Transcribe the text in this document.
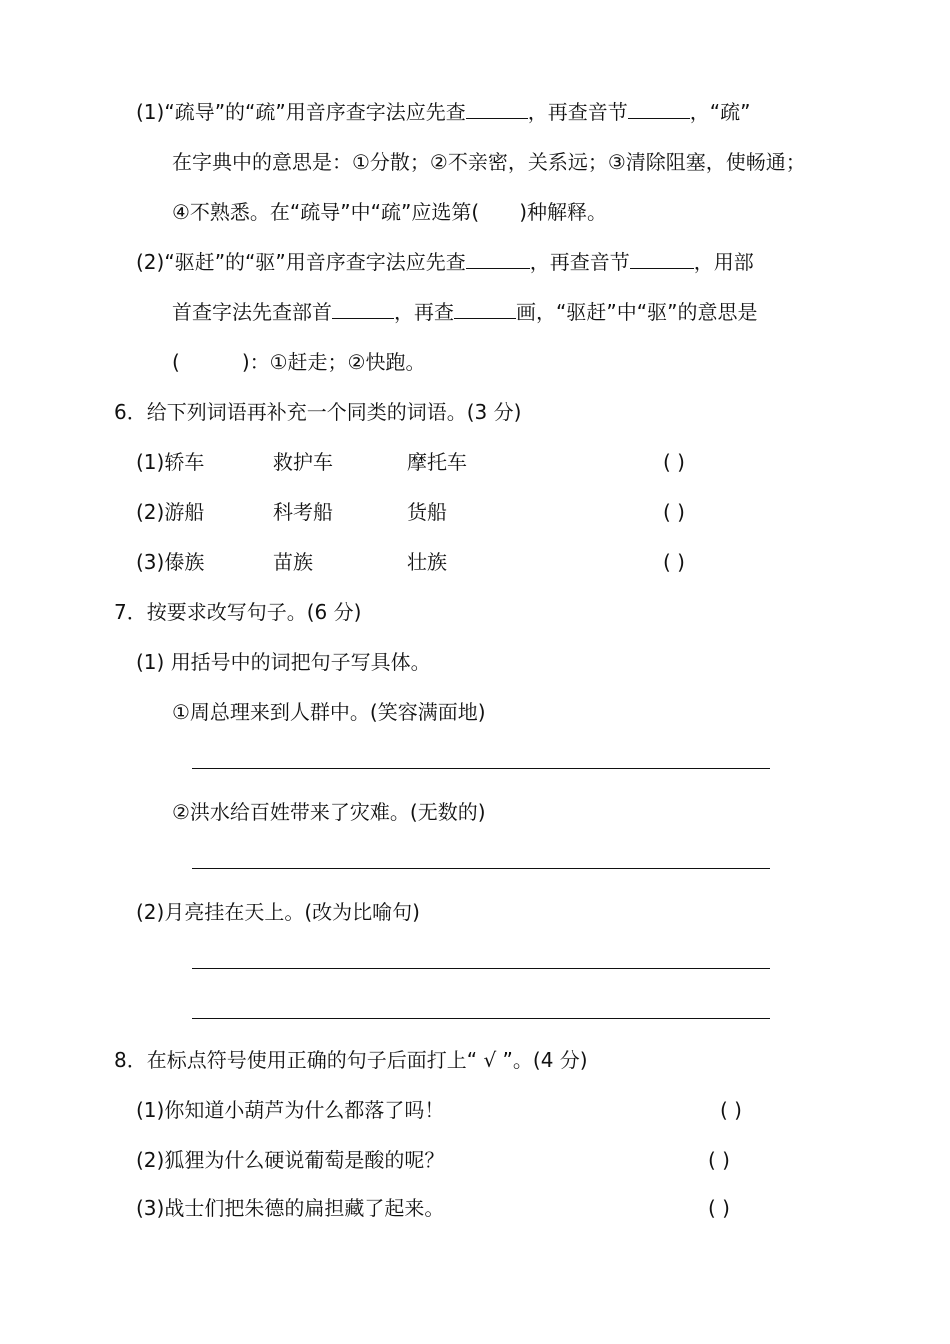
(1)“疏导”的“疏”用音序查字法应先查	，再查音节	，“疏”
在字典中的意思是：①分散；②不亲密，关系远；③清除阻塞，使畅通；
④不熟悉。在“疏导”中“疏”应选第( )种解释。
(2)“驱赶”的“驱”用音序查字法应先查	，再查音节	，用部
首查字法先查部首	，再查	画，“驱赶”中“驱”的意思是
(	)：①赶走；②快跑。
6．给下列词语再补充一个同类的词语。(3 分)
(1)轿车	救护车	摩托车	( )
(2)游船	科考船	货船	( )
(3)傣族	苗族	壮族	( )
7．按要求改写句子。(6 分)
(1) 用括号中的词把句子写具体。
①周总理来到人群中。(笑容满面地)
②洪水给百姓带来了灾难。(无数的)
(2)月亮挂在天上。(改为比喻句)
8．在标点符号使用正确的句子后面打上“ √ ”。(4 分)
(1)你知道小葫芦为什么都落了吗！	( )
(2)狐狸为什么硬说葡萄是酸的呢？	( )
(3)战士们把朱德的扁担藏了起来。	( )
